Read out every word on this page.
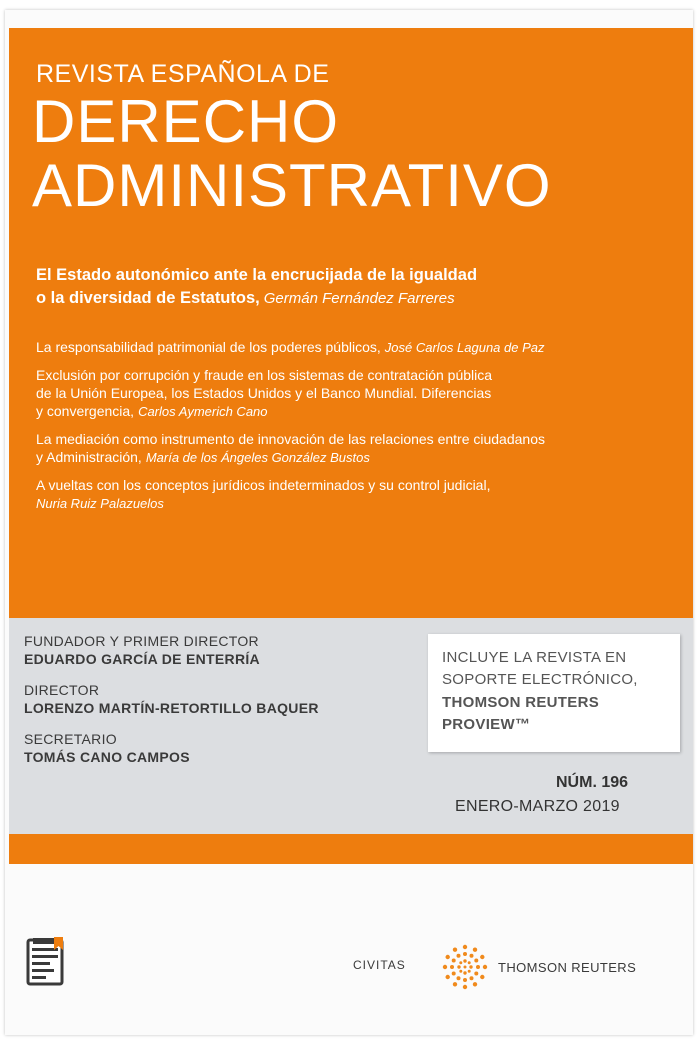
REVISTA ESPAÑOLA DE
DERECHO
ADMINISTRATIVO
El Estado autonómico ante la encrucijada de la igualdad
o la diversidad de Estatutos, Germán Fernández Farreres
La responsabilidad patrimonial de los poderes públicos, José Carlos Laguna de Paz
Exclusión por corrupción y fraude en los sistemas de contratación pública
de la Unión Europea, los Estados Unidos y el Banco Mundial. Diferencias
y convergencia, Carlos Aymerich Cano
La mediación como instrumento de innovación de las relaciones entre ciudadanos
y Administración, María de los Ángeles González Bustos
A vueltas con los conceptos jurídicos indeterminados y su control judicial,
Nuria Ruiz Palazuelos
FUNDADOR Y PRIMER DIRECTOR
EDUARDO GARCÍA DE ENTERRÍA
DIRECTOR
LORENZO MARTÍN-RETORTILLO BAQUER
SECRETARIO
TOMÁS CANO CAMPOS
INCLUYE LA REVISTA EN
SOPORTE ELECTRÓNICO,
THOMSON REUTERS
PROVIEW™
NÚM. 196
ENERO-MARZO 2019
CIVITAS	THOMSON REUTERS
